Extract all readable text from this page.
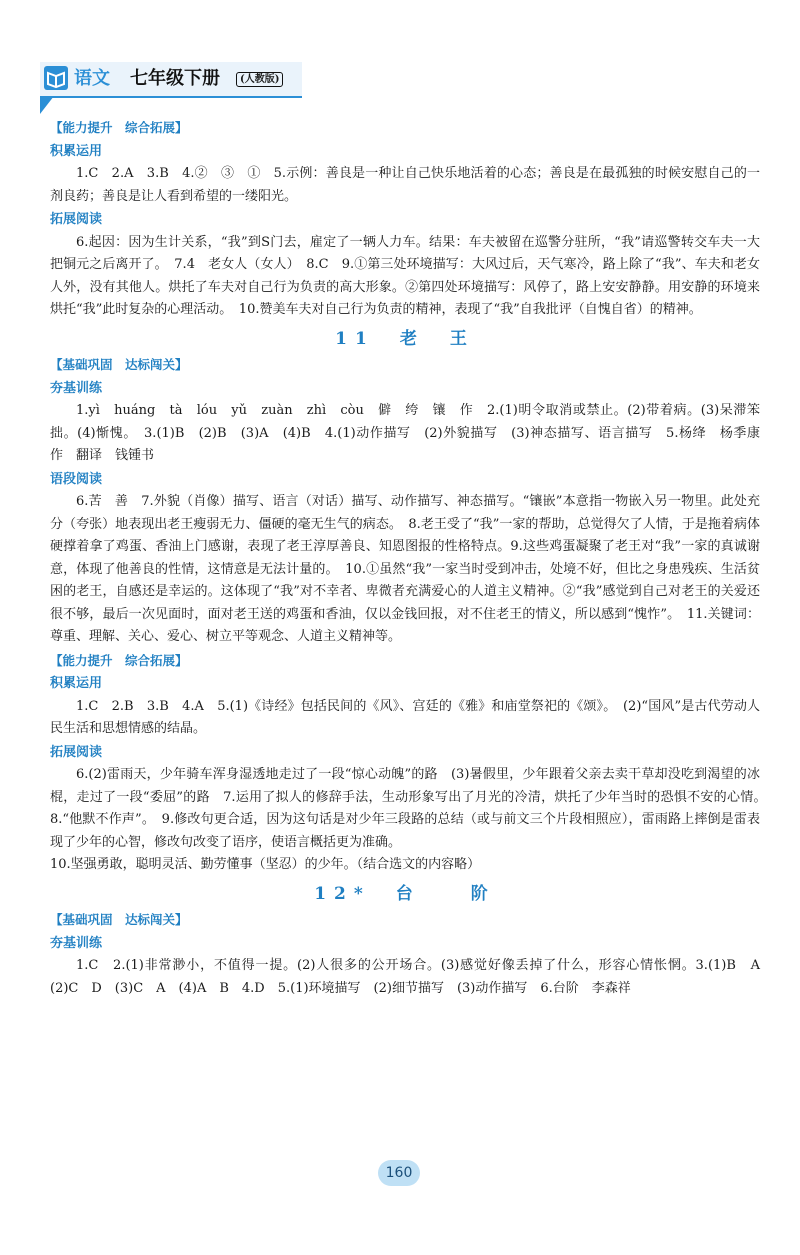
语文 七年级下册	(人教版)
【能力提升　综合拓展】
积累运用

1.C　2.A　3.B　4.②　③　①　5.示例：善良是一种让自己快乐地活着的心态；善良是在最孤独的时候安慰自己的一剂良药；善良是让人看到希望的一缕阳光。

拓展阅读

6.起因：因为生计关系，“我”到S门去，雇定了一辆人力车。结果：车夫被留在巡警分驻所，“我”请巡警转交车夫一大把铜元之后离开了。　7.4　老女人（女人）　8.C　9.①第三处环境描写：大风过后，天气寒冷，路上除了“我”、车夫和老女人外，没有其他人。烘托了车夫对自己行为负责的高大形象。②第四处环境描写：风停了，路上安安静静。用安静的环境来烘托“我”此时复杂的心理活动。　10.赞美车夫对自己行为负责的精神，表现了“我”自我批评（自愧自省）的精神。

11　老　王
【基础巩固　达标闯关】
夯基训练

1.yì　huáng　tà　lóu　yǔ　zuàn　zhì　còu　僻　绔　镶　作　2.(1)明令取消或禁止。(2)带着病。(3)呆滞笨拙。(4)惭愧。　3.(1)B　(2)B　(3)A　(4)B　4.(1)动作描写　(2)外貌描写　(3)神态描写、语言描写　5.杨绛　杨季康　作　翻译　钱锺书

语段阅读

6.苦　善　7.外貌（肖像）描写、语言（对话）描写、动作描写、神态描写。“镶嵌”本意指一物嵌入另一物里。此处充分（夸张）地表现出老王瘦弱无力、僵硬的毫无生气的病态。　8.老王受了“我”一家的帮助，总觉得欠了人情，于是拖着病体硬撑着拿了鸡蛋、香油上门感谢，表现了老王淳厚善良、知恩图报的性格特点。9.这些鸡蛋凝聚了老王对“我”一家的真诚谢意，体现了他善良的性情，这情意是无法计量的。　10.①虽然“我”一家当时受到冲击，处境不好，但比之身患残疾、生活贫困的老王，自感还是幸运的。这体现了“我”对不幸者、卑微者充满爱心的人道主义精神。②“我”感觉到自己对老王的关爱还很不够，最后一次见面时，面对老王送的鸡蛋和香油，仅以金钱回报，对不住老王的情义，所以感到“愧怍”。　11.关键词：尊重、理解、关心、爱心、树立平等观念、人道主义精神等。

【能力提升　综合拓展】
积累运用

1.C　2.B　3.B　4.A　5.(1)《诗经》包括民间的《风》、宫廷的《雅》和庙堂祭祀的《颂》。　(2)“国风”是古代劳动人民生活和思想情感的结晶。

拓展阅读

6.(2)雷雨天，少年骑车浑身湿透地走过了一段“惊心动魄”的路　(3)暑假里，少年跟着父亲去卖干草却没吃到渴望的冰棍，走过了一段“委屈”的路　7.运用了拟人的修辞手法，生动形象写出了月光的冷清，烘托了少年当时的恐惧不安的心情。　8.“他默不作声”。　9.修改句更合适，因为这句话是对少年三段路的总结（或与前文三个片段相照应），雷雨路上摔倒是雷表现了少年的心智，修改句改变了语序，使语言概括更为准确。

10.坚强勇敢，聪明灵活、勤劳懂事（坚忍）的少年。（结合选文的内容略）

12*　台　　阶
【基础巩固　达标闯关】
夯基训练

1.C　2.(1)非常渺小，不值得一提。(2)人很多的公开场合。(3)感觉好像丢掉了什么，形容心情怅惘。3.(1)B　A　(2)C　D　(3)C　A　(4)A　B　4.D　5.(1)环境描写　(2)细节描写　(3)动作描写　6.台阶　李森祥

160
